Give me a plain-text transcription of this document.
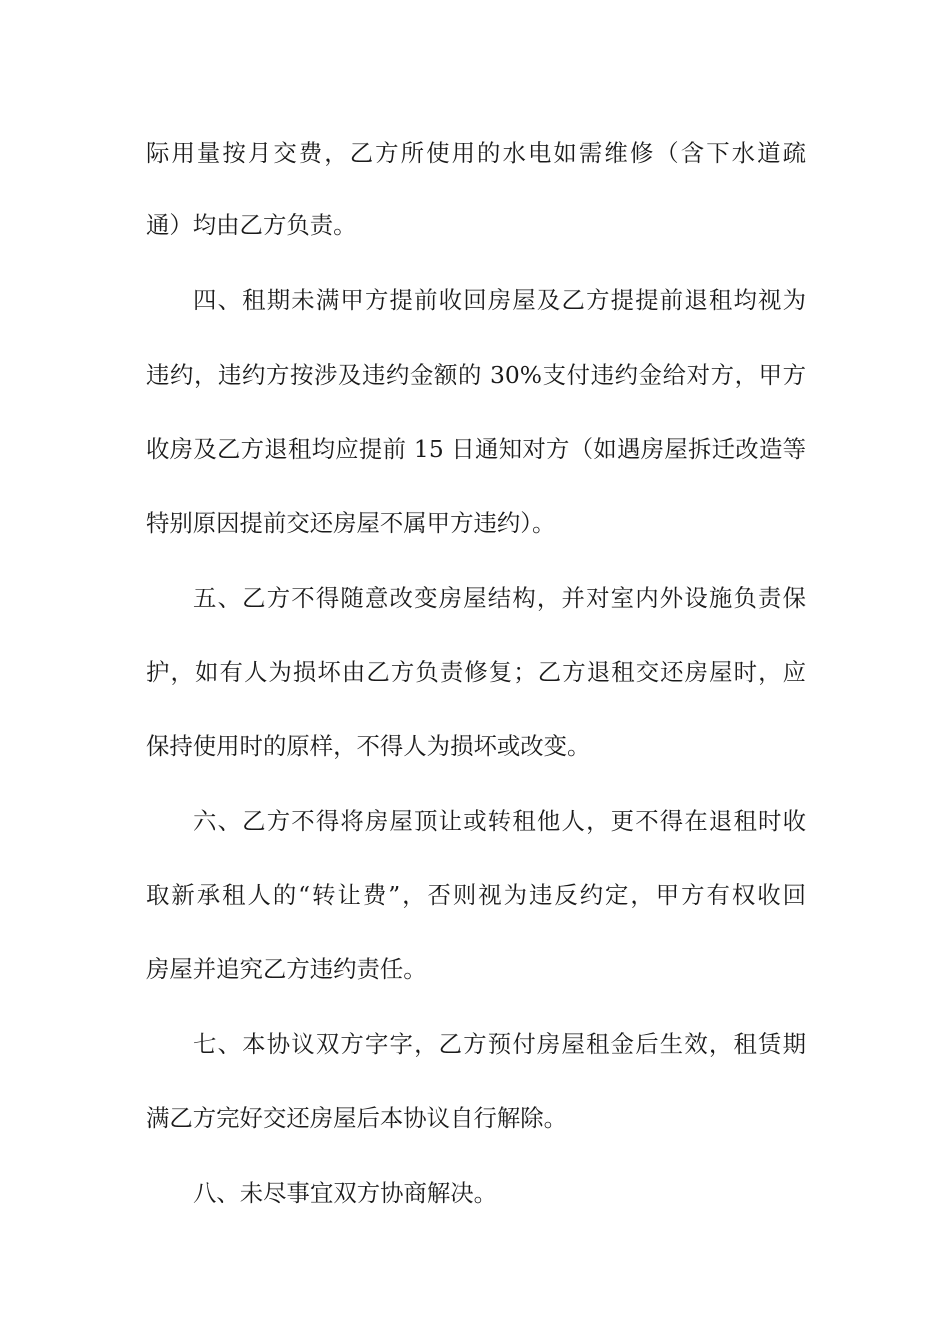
际用量按月交费，乙方所使用的水电如需维修（含下水道疏
通）均由乙方负责。
四、租期未满甲方提前收回房屋及乙方提提前退租均视为
违约，违约方按涉及违约金额的 30%支付违约金给对方，甲方
收房及乙方退租均应提前 15 日通知对方（如遇房屋拆迁改造等
特别原因提前交还房屋不属甲方违约）。
五、乙方不得随意改变房屋结构，并对室内外设施负责保
护，如有人为损坏由乙方负责修复；乙方退租交还房屋时，应
保持使用时的原样，不得人为损坏或改变。
六、乙方不得将房屋顶让或转租他人，更不得在退租时收
取新承租人的“转让费”，否则视为违反约定，甲方有权收回
房屋并追究乙方违约责任。
七、本协议双方字字，乙方预付房屋租金后生效，租赁期
满乙方完好交还房屋后本协议自行解除。
八、未尽事宜双方协商解决。
